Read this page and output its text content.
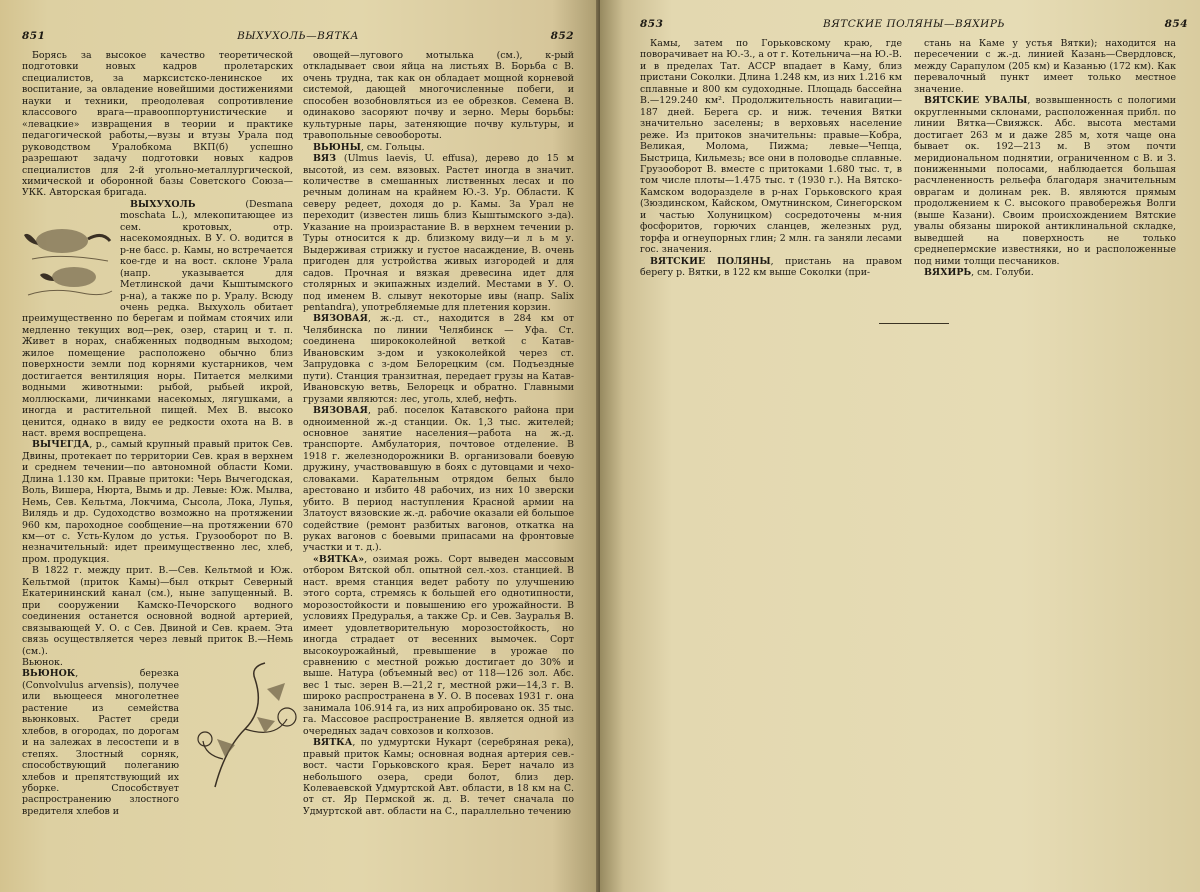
851	ВЫХУХОЛЬ—ВЯТКА	852

Борясь за высокое качество теоретической подготовки новых кадров пролетарских специалистов, за марксистско-ленинское их воспитание, за овладение новейшими достижениями науки и техники, преодолевая сопротивление классового врага—правооппортунистические и «левацкие» извращения в теории и практике педагогической работы,—вузы и втузы Урала под руководством Уралобкома ВКП(б) успешно разрешают задачу подготовки новых кадров специалистов для 2-й угольно-металлургической, химической и оборонной базы Советского Союза—УКК. Авторская бригада.

ВЫХУХОЛЬ (Desmana moschata L.), млекопитающее из сем. кротовых, отр. насекомоядных. В У. О. водится в р-не басс. р. Камы, но встречается кое-где и на вост. склоне Урала (напр. указывается для Метлинской дачи Кыштымского р-на), а также по р. Уралу. Всюду очень редка. Выхухоль обитает преимущественно по берегам и поймам стоячих или медленно текущих вод—рек, озер, стариц и т. п. Живет в норах, снабженных подводным выходом; жилое помещение расположено обычно близ поверхности земли под корнями кустарников, чем достигается вентиляция норы. Питается мелкими водными животными: рыбой, рыбьей икрой, моллюсками, личинками насекомых, лягушками, а иногда и растительной пищей. Мех В. высоко ценится, однако в виду ее редкости охота на В. в наст. время воспрещена.

ВЫЧЕГДА, р., самый крупный правый приток Сев. Двины, протекает по территории Сев. края в верхнем и среднем течении—по автономной области Коми. Длина 1.130 км. Правые притоки: Черь Вычегодская, Воль, Вишера, Нюрта, Вымь и др. Левые: Юж. Мылва, Немь, Сев. Кельтма, Локчима, Сысола, Локa, Лупья, Вилядь и др. Судоходство возможно на протяжении 960 км, пароходное сообщение—на протяжении 670 км—от с. Усть-Кулом до устья. Грузооборот по В. незначительный: идет преимущественно лес, хлеб, пром. продукция.

В 1822 г. между прит. В.—Сев. Кельтмой и Юж. Кельтмой (приток Камы)—был открыт Северный Екатерининский канал (см.), ныне запущенный. В. при сооружении Камско-Печорского водного соединения останется основной водной артерией, связывающей У. О. с Сев. Двиной и Сев. краем. Эта связь осуществляется через левый приток В.—Немь (см.).

Вьюнок.
ВЬЮНОК, березка (Convolvulus arvensis), получее или вьющееся многолетнее растение из семейства вьюнковых. Растет среди хлебов, в огородах, по дорогам и на залежах в лесостепи и в степях. Злостный сорняк, способствующий полеганию хлебов и препятствующий их уборке. Способствует распространению злостного вредителя хлебов и

овощей—лугового мотылька (см.), к-рый откладывает свои яйца на листьях В. Борьба с В. очень трудна, так как он обладает мощной корневой системой, дающей многочисленные побеги, и способен возобновляться из ее обрезков. Семена В. одинаково засоряют почву и зерно. Меры борьбы: культурные пары, затеняющие почву культуры, и травопольные севообороты.

ВЬЮНЫ, см. Гольцы.

ВЯЗ (Ulmus laevis, U. effusa), дерево до 15 м высотой, из сем. вязовых. Растет иногда в значит. количестве в смешанных лиственных лесах и по речным долинам на крайнем Ю.-З. Ур. Области. К северу редеет, доходя до р. Камы. За Урал не переходит (известен лишь близ Кыштымского з-да). Указание на произрастание В. в верхнем течении р. Туры относится к др. близкому виду—и л ь м у. Выдерживая стрижку и густое насаждение, В. очень пригоден для устройства живых изгородей и для садов. Прочная и вязкая древесина идет для столярных и экипажных изделий. Местами в У. О. под именем В. слывут некоторые ивы (напр. Salix pentandra), употребляемые для плетения корзин.

ВЯЗОВАЯ, ж.-д. ст., находится в 284 км от Челябинска по линии Челябинск — Уфа. Ст. соединена ширококолейной веткой с Катав-Ивановским з-дом и узкоколейкой через ст. Запрудовка с з-дом Белорецким (см. Подъездные пути). Станция транзитная, передает грузы на Катав-Ивановскую ветвь, Белорецк и обратно. Главными грузами являются: лес, уголь, хлеб, нефть.

ВЯЗОВАЯ, раб. поселок Катавского района при одноименной ж.-д станции. Ок. 1,3 тыс. жителей; основное занятие населения—работа на ж.-д. транспорте. Амбулатория, почтовое отделение. В 1918 г. железнодорожники В. организовали боевую дружину, участвовавшую в боях с дутовцами и чехо-словаками. Карательным отрядом белых было арестовано и избито 48 рабочих, из них 10 зверски убито. В период наступления Красной армии на Златоуст вязовские ж.-д. рабочие оказали ей большое содействие (ремонт разбитых вагонов, откатка на руках вагонов с боевыми припасами на фронтовые участки и т. д.).

«ВЯТКА», озимая рожь. Сорт выведен массовым отбором Вятской обл. опытной сел.-хоз. станцией. В наст. время станция ведет работу по улучшению этого сорта, стремясь к большей его однотипности, морозостойкости и повышению его урожайности. В условиях Предуралья, а также Ср. и Сев. Зауралья В. имеет удовлетворительную морозостойкость, но иногда страдает от весенних вымочек. Сорт высокоурожайный, превышение в урожае по сравнению с местной рожью достигает до 30% и выше. Натура (объемный вес) от 118—126 зол. Абс. вес 1 тыс. зерен В.—21,2 г, местной ржи—14,3 г. В. широко распространена в У. О. В посевах 1931 г. она занимала 106.914 га, из них апробировано ок. 35 тыс. га. Массовое распространение В. является одной из очередных задач совхозов и колхозов.

ВЯТКА, по удмуртски Нукарт (серебряная река), правый приток Камы; основная водная артерия сев.-вост. части Горьковского края. Берет начало из небольшого озера, среди болот, близ дер. Колеваевской Удмуртской Авт. области, в 18 км на С. от ст. Яр Пермской ж. д. В. течет сначала по Удмуртской авт. области на С., параллельно течению

853	ВЯТСКИЕ ПОЛЯНЫ—ВЯХИРЬ	854

Камы, затем по Горьковскому краю, где поворачивает на Ю.-З., а от г. Котельнича—на Ю.-В. и в пределах Тат. АССР впадает в Каму, близ пристани Соколки. Длина 1.248 км, из них 1.216 км сплавные и 800 км судоходные. Площадь бассейна В.—129.240 км². Продолжительность навигации—187 дней. Берега ср. и ниж. течения Вятки значительно заселены; в верховьях население реже. Из притоков значительны: правые—Кобра, Великая, Молома, Пижма; левые—Чепца, Быстрица, Кильмезь; все они в половодье сплавные. Грузооборот В. вместе с притоками 1.680 тыс. т, в том числе плоты—1.475 тыс. т (1930 г.). На Вятско-Камском водоразделе в р-нах Горьковского края (Зюздинском, Кайском, Омутнинском, Синегорском и частью Холуницком) сосредоточены м-ния фосфоритов, горючих сланцев, железных руд, торфа и огнеупорных глин; 2 млн. га заняли лесами гос. значения.

ВЯТСКИЕ ПОЛЯНЫ, пристань на правом берегу р. Вятки, в 122 км выше Соколки (при-

стань на Каме у устья Вятки); находится на пересечении с ж.-д. линией Казань—Свердловск, между Сарапулом (205 км) и Казанью (172 км). Как перевалочный пункт имеет только местное значение.

ВЯТСКИЕ УВАЛЫ, возвышенность с пологими округленными склонами, расположенная прибл. по линии Вятка—Свияжск. Абс. высота местами достигает 263 м и даже 285 м, хотя чаще она бывает ок. 192—213 м. В этом почти меридиональном поднятии, ограниченном с В. и З. пониженными полосами, наблюдается большая расчлененность рельефа благодаря значительным оврагам и долинам рек. В. являются прямым продолжением к С. высокого правобережья Волги (выше Казани). Своим происхождением Вятские увалы обязаны широкой антиклинальной складке, выведшей на поверхность не только среднепермские известняки, но и расположенные под ними толщи песчаников.

ВЯХИРЬ, см. Голуби.
